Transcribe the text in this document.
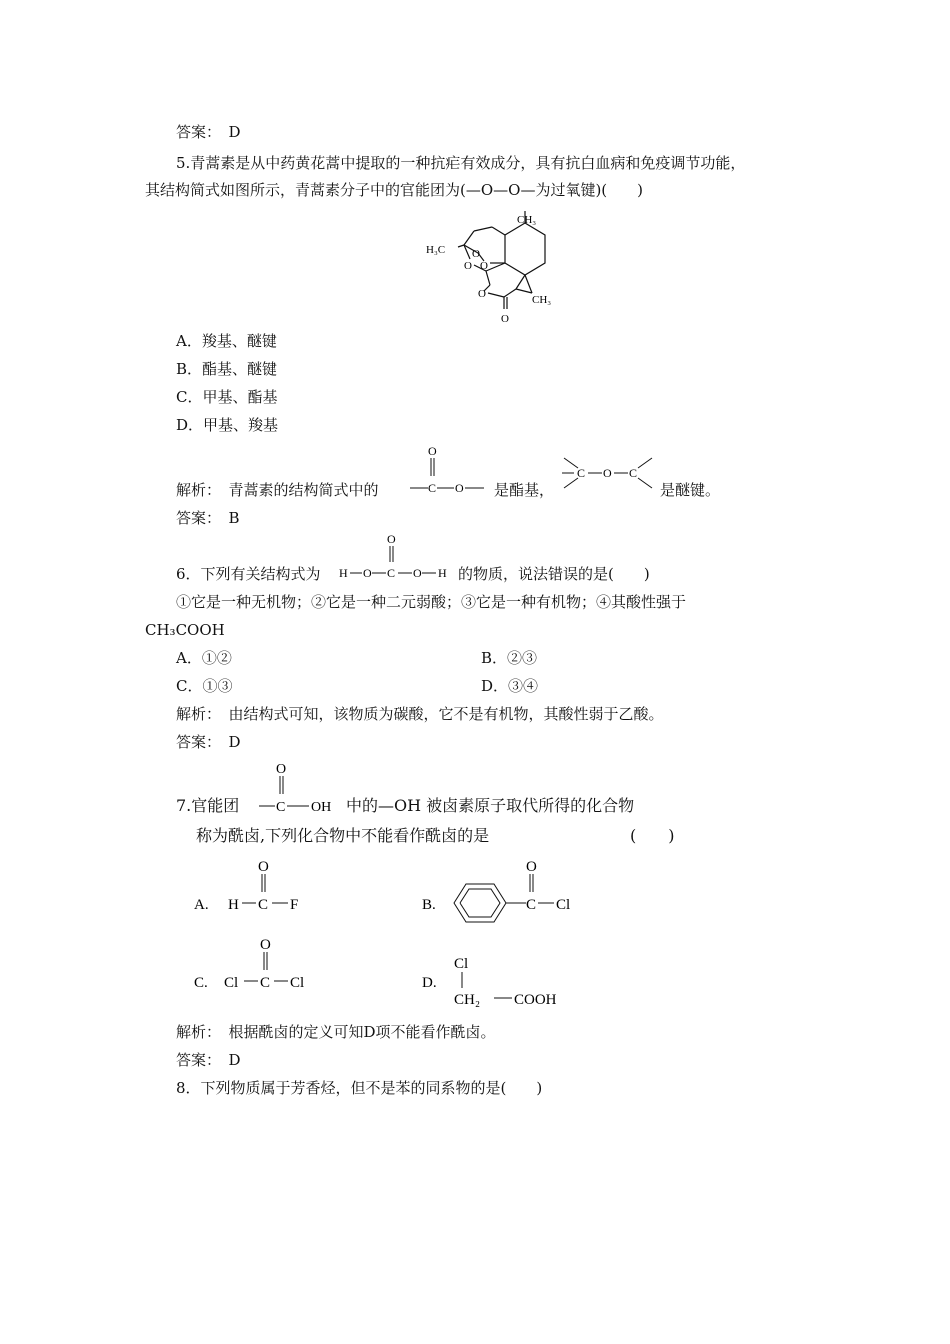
答案：　D
5.青蒿素是从中药黄花蒿中提取的一种抗疟有效成分，具有抗白血病和免疫调节功能，
其结构简式如图所示，青蒿素分子中的官能团为(—O—O—为过氧键)(　　)
H₃C
CH₃
CH₃
O
O
O
O
O
A．羧基、醚键
B．酯基、醚键
C．甲基、酯基
D．甲基、羧基
解析：　青蒿素的结构简式中的
O
C O 是酯基，
C O C
是醚键。
答案：　B
6．下列有关结构式为 H O C
O
O H 的物质，说法错误的是(　　)
①它是一种无机物；②它是一种二元弱酸；③它是一种有机物；④其酸性强于
CH₃COOH
A．①②	B．②③
C．①③	D．③④
解析：　由结构式可知，该物质为碳酸，它不是有机物，其酸性弱于乙酸。
答案：　D
7.官能团
O
C OH 中的—OH 被卤素原子取代所得的化合物
称为酰卤,下列化合物中不能看作酰卤的是	(　　)
A. H C
O
F	B.	C
O
Cl
C. Cl C
O
Cl	D.
Cl
CH₂ COOH
解析：　根据酰卤的定义可知D项不能看作酰卤。
答案：　D
8．下列物质属于芳香烃，但不是苯的同系物的是(　　)
